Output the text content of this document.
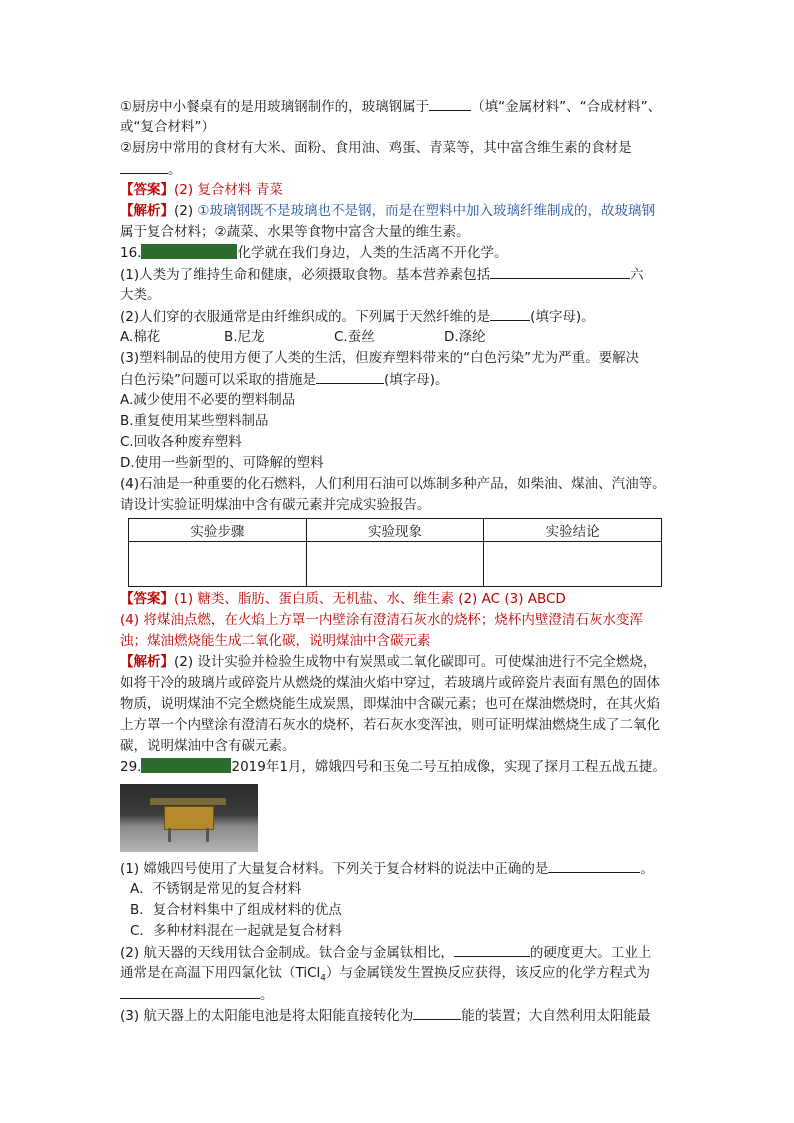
①厨房中小餐桌有的是用玻璃钢制作的，玻璃钢属于	（填“金属材料”、“合成材料”、
或“复合材料”）
②厨房中常用的食材有大米、面粉、食用油、鸡蛋、青菜等，其中富含维生素的食材是
。
【答案】(2) 复合材料 青菜
【解析】(2) ①玻璃钢既不是玻璃也不是钢，而是在塑料中加入玻璃纤维制成的，故玻璃钢
属于复合材料；②蔬菜、水果等食物中富含大量的维生素。
16.	化学就在我们身边，人类的生活离不开化学。
(1)人类为了维持生命和健康，必须摄取食物。基本营养素包括	六
大类。
(2)人们穿的衣服通常是由纤维织成的。下列属于天然纤维的是	(填字母)。
A.棉花	B.尼龙	C.蚕丝	D.涤纶
(3)塑料制品的使用方便了人类的生活，但废弃塑料带来的“白色污染”尤为严重。要解决
白色污染”问题可以采取的措施是	(填字母)。
A.减少使用不必要的塑料制品
B.重复使用某些塑料制品
C.回收各种废弃塑料
D.使用一些新型的、可降解的塑料
(4)石油是一种重要的化石燃料，人们利用石油可以炼制多种产品，如柴油、煤油、汽油等。
请设计实验证明煤油中含有碳元素并完成实验报告。
实验步骤	实验现象	实验结论

【答案】(1) 糖类、脂肪、蛋白质、无机盐、水、维生素 (2) AC (3) ABCD
(4) 将煤油点燃，在火焰上方罩一内壁涂有澄清石灰水的烧杯；烧杯内壁澄清石灰水变浑
浊；煤油燃烧能生成二氧化碳，说明煤油中含碳元素
【解析】(2) 设计实验并检验生成物中有炭黑或二氧化碳即可。可使煤油进行不完全燃烧，
如将干冷的玻璃片或碎瓷片从燃烧的煤油火焰中穿过，若玻璃片或碎瓷片表面有黑色的固体
物质，说明煤油不完全燃烧能生成炭黑，即煤油中含碳元素；也可在煤油燃烧时，在其火焰
上方罩一个内壁涂有澄清石灰水的烧杯，若石灰水变浑浊，则可证明煤油燃烧生成了二氧化
碳，说明煤油中含有碳元素。
29.	2019年1月，嫦娥四号和玉兔二号互拍成像，实现了探月工程五战五捷。
(1) 嫦娥四号使用了大量复合材料。下列关于复合材料的说法中正确的是	。
A．不锈钢是常见的复合材料
B．复合材料集中了组成材料的优点
C．多种材料混在一起就是复合材料
(2) 航天器的天线用钛合金制成。钛合金与金属钛相比，	的硬度更大。工业上
通常是在高温下用四氯化钛（TiCl$_4$）与金属镁发生置换反应获得，该反应的化学方程式为
。
(3) 航天器上的太阳能电池是将太阳能直接转化为	能的装置；大自然利用太阳能最
